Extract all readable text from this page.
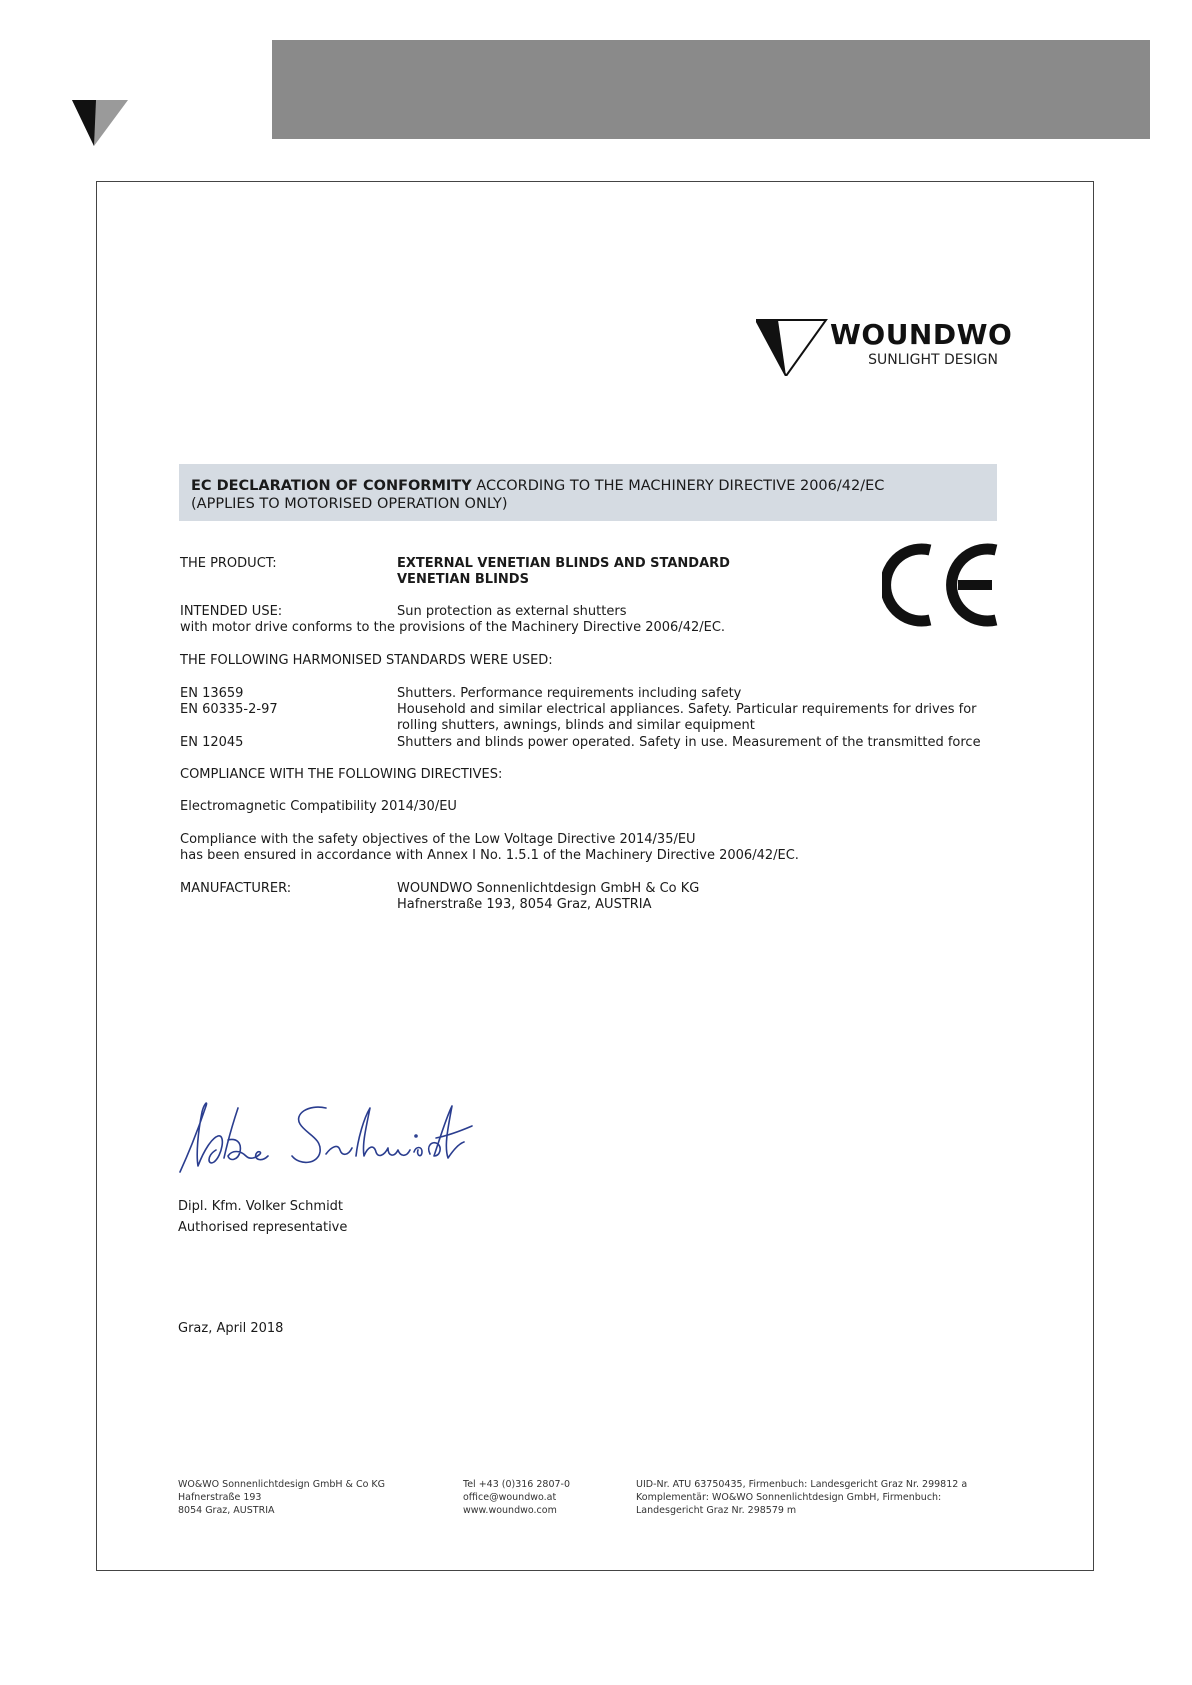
WOUNDWO
SUNLIGHT DESIGN
EC DECLARATION OF CONFORMITY ACCORDING TO THE MACHINERY DIRECTIVE 2006/42/EC
(APPLIES TO MOTORISED OPERATION ONLY)
THE PRODUCT:	EXTERNAL VENETIAN BLINDS AND STANDARD
VENETIAN BLINDS
INTENDED USE:	Sun protection as external shutters
with motor drive conforms to the provisions of the Machinery Directive 2006/42/EC.
THE FOLLOWING HARMONISED STANDARDS WERE USED:
EN 13659	Shutters. Performance requirements including safety
EN 60335-2-97	Household and similar electrical appliances. Safety. Particular requirements for drives for
rolling shutters, awnings, blinds and similar equipment
EN 12045	Shutters and blinds power operated. Safety in use. Measurement of the transmitted force
COMPLIANCE WITH THE FOLLOWING DIRECTIVES:
Electromagnetic Compatibility 2014/30/EU
Compliance with the safety objectives of the Low Voltage Directive 2014/35/EU
has been ensured in accordance with Annex I No. 1.5.1 of the Machinery Directive 2006/42/EC.
MANUFACTURER:	WOUNDWO Sonnenlichtdesign GmbH & Co KG
Hafnerstraße 193, 8054 Graz, AUSTRIA
Volker Schmidt
Dipl. Kfm. Volker Schmidt
Authorised representative
Graz, April 2018
WO&WO Sonnenlichtdesign GmbH & Co KG
Hafnerstraße 193
8054 Graz, AUSTRIA
Tel +43 (0)316 2807-0
office@woundwo.at
www.woundwo.com
UID-Nr. ATU 63750435, Firmenbuch: Landesgericht Graz Nr. 299812 a
Komplementär: WO&WO Sonnenlichtdesign GmbH, Firmenbuch:
Landesgericht Graz Nr. 298579 m
